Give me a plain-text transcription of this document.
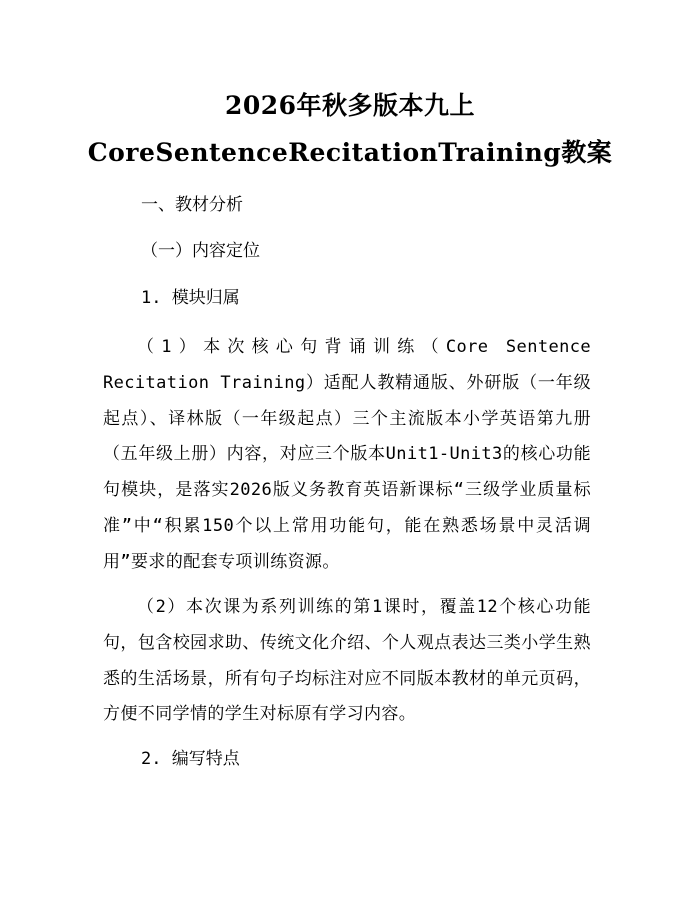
2026年秋多版本九上
CoreSentenceRecitationTraining教案
一、教材分析
（一）内容定位
1. 模块归属
（1）本次核心句背诵训练（Core Sentence Recitation Training）适配人教精通版、外研版（一年级起点）、译林版（一年级起点）三个主流版本小学英语第九册（五年级上册）内容，对应三个版本Unit1-Unit3的核心功能句模块，是落实2026版义务教育英语新课标“三级学业质量标准”中“积累150个以上常用功能句，能在熟悉场景中灵活调用”要求的配套专项训练资源。
（2）本次课为系列训练的第1课时，覆盖12个核心功能句，包含校园求助、传统文化介绍、个人观点表达三类小学生熟悉的生活场景，所有句子均标注对应不同版本教材的单元页码，方便不同学情的学生对标原有学习内容。
2. 编写特点
